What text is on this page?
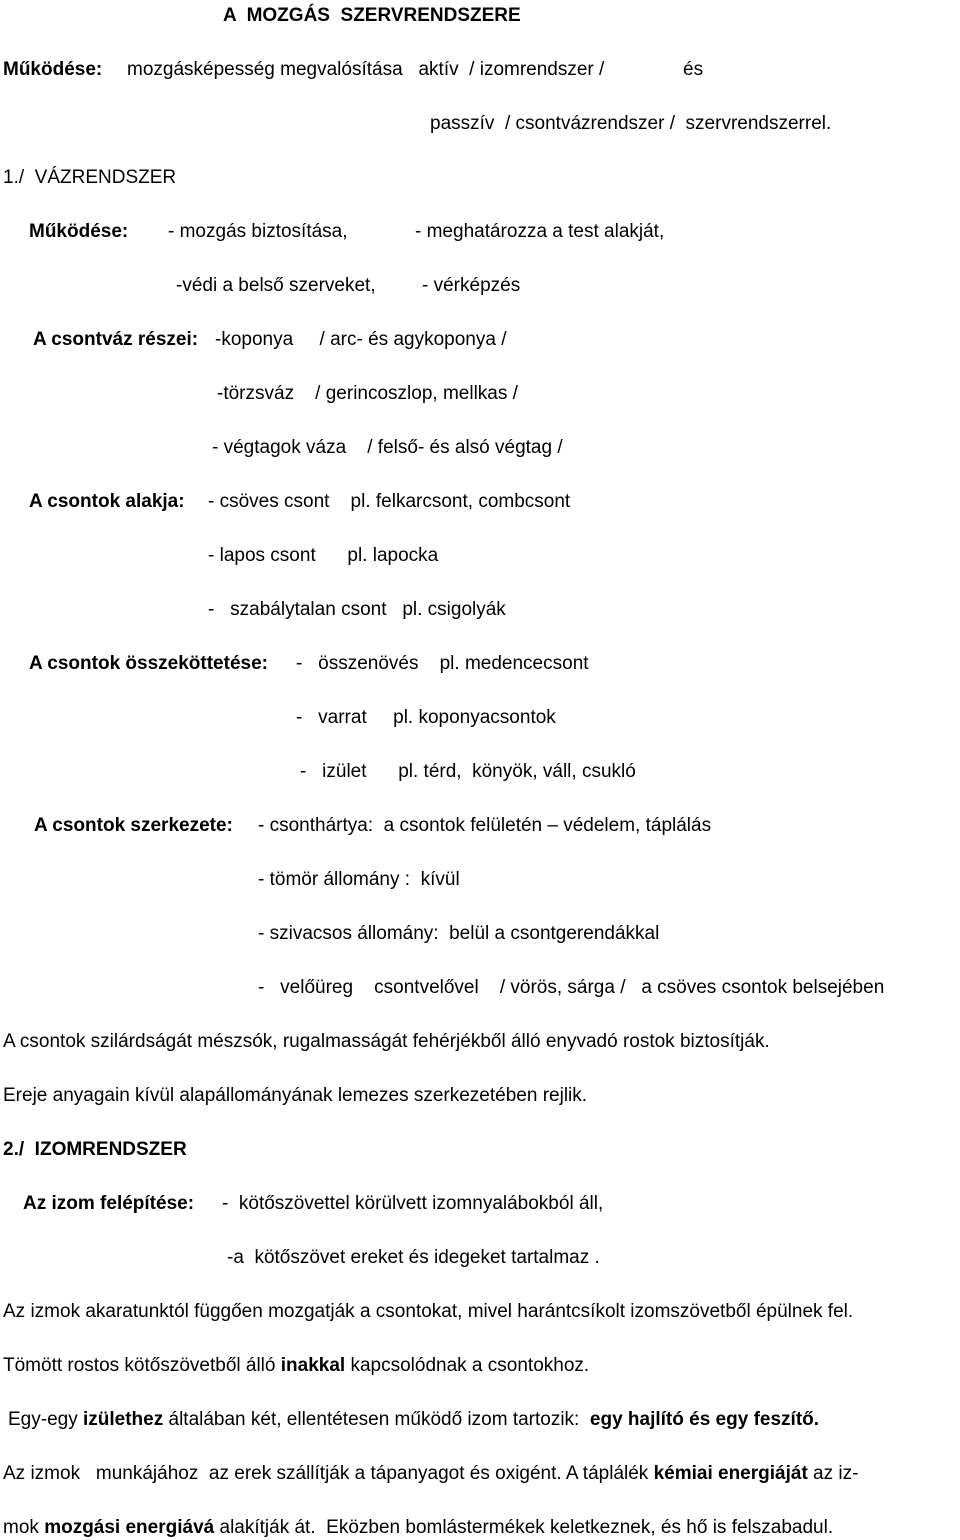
A  MOZGÁS  SZERVRENDSZERE
Működése: mozgásképesség megvalósítása   aktív  / izomrendszer /	és
passzív  / csontvázrendszer /  szervrendszerrel.
1./  VÁZRENDSZER
Működése: - mozgás biztosítása,	- meghatározza a test alakját,
-védi a belső szerveket, - vérképzés
A csontváz részei: -koponya     / arc- és agykoponya /
-törzsváz    / gerincoszlop, mellkas /
- végtagok váza    / felső- és alsó végtag /
A csontok alakja: - csöves csont    pl. felkarcsont, combcsont
- lapos csont      pl. lapocka
-   szabálytalan csont   pl. csigolyák
A csontok összeköttetése: -   összenövés    pl. medencecsont
-   varrat     pl. koponyacsontok
-   izület      pl. térd,  könyök, váll, csukló
A csontok szerkezete: - csonthártya:  a csontok felületén – védelem, táplálás
- tömör állomány :  kívül
- szivacsos állomány:  belül a csontgerendákkal
-   velőüreg    csontvelővel    / vörös, sárga /   a csöves csontok belsejében
A csontok szilárdságát mészsók, rugalmasságát fehérjékből álló enyvadó rostok biztosítják.
Ereje anyagain kívül alapállományának lemezes szerkezetében rejlik.
2./  IZOMRENDSZER
Az izom felépítése: -  kötőszövettel körülvett izomnyalábokból áll,
-a  kötőszövet ereket és idegeket tartalmaz .
Az izmok akaratunktól függően mozgatják a csontokat, mivel harántcsíkolt izomszövetből épülnek fel.
Tömött rostos kötőszövetből álló inakkal kapcsolódnak a csontokhoz.
Egy-egy izülethez általában két, ellentétesen működő izom tartozik:  egy hajlító és egy feszítő.
Az izmok   munkájához  az erek szállítják a tápanyagot és oxigént. A táplálék kémiai energiáját az iz-
mok mozgási energiává alakítják át.  Eközben bomlástermékek keletkeznek, és hő is felszabadul.
